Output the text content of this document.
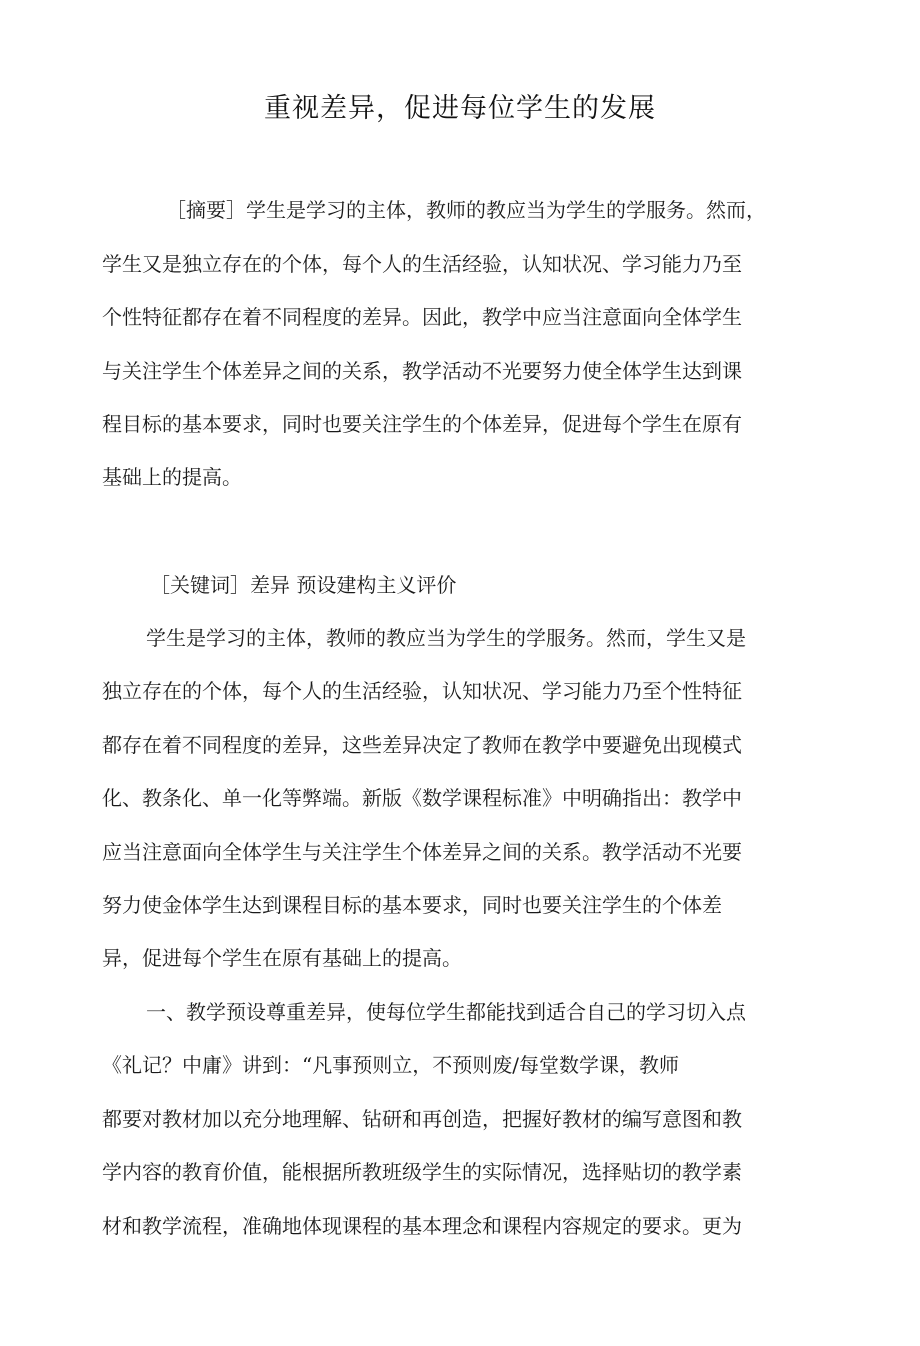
重视差异，促进每位学生的发展

［摘要］学生是学习的主体，教师的教应当为学生的学服务。然而，

学生又是独立存在的个体，每个人的生活经验，认知状况、学习能力乃至

个性特征都存在着不同程度的差异。因此，教学中应当注意面向全体学生

与关注学生个体差异之间的关系，教学活动不光要努力使全体学生达到课

程目标的基本要求，同时也要关注学生的个体差异，促进每个学生在原有

基础上的提高。

［关键词］差异 预设建构主义评价

学生是学习的主体，教师的教应当为学生的学服务。然而，学生又是

独立存在的个体，每个人的生活经验，认知状况、学习能力乃至个性特征

都存在着不同程度的差异，这些差异决定了教师在教学中要避免出现模式

化、教条化、单一化等弊端。新版《数学课程标准》中明确指出：教学中

应当注意面向全体学生与关注学生个体差异之间的关系。教学活动不光要

努力使金体学生达到课程目标的基本要求，同时也要关注学生的个体差

异，促进每个学生在原有基础上的提高。

一、教学预设尊重差异，使每位学生都能找到适合自己的学习切入点

《礼记？中庸》讲到：“凡事预则立，不预则废/每堂数学课，教师

都要对教材加以充分地理解、钻研和再创造，把握好教材的编写意图和教

学内容的教育价值，能根据所教班级学生的实际情况，选择贴切的教学素

材和教学流程，准确地体现课程的基本理念和课程内容规定的要求。更为
